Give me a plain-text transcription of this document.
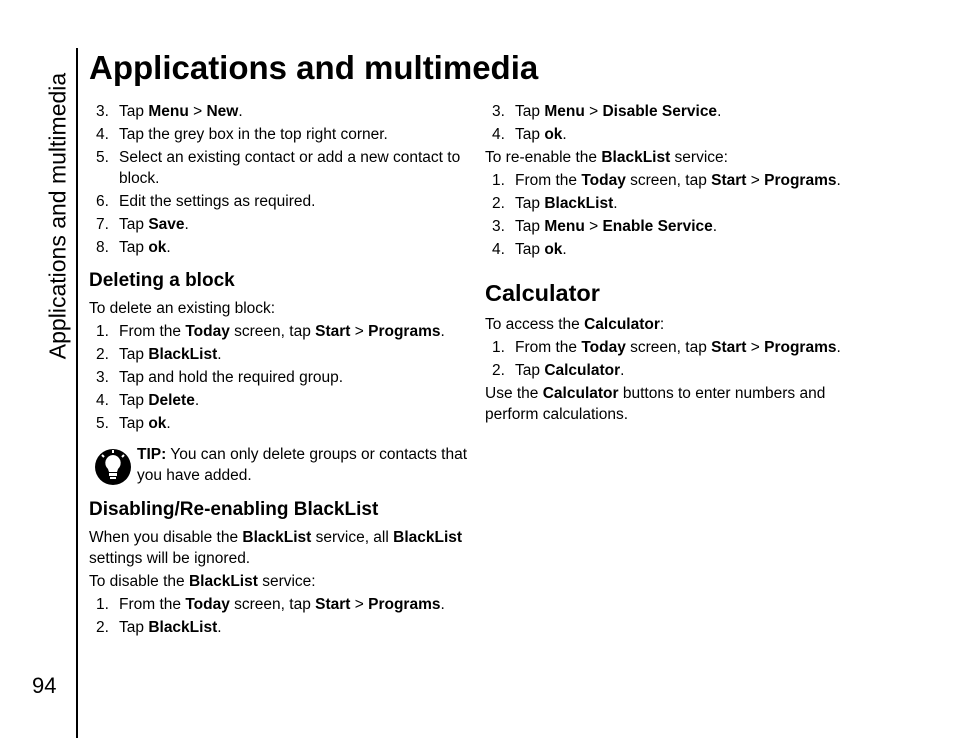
Applications and multimedia
94
Applications and multimedia
3. Tap Menu > New.
4. Tap the grey box in the top right corner.
5. Select an existing contact or add a new contact to block.
6. Edit the settings as required.
7. Tap Save.
8. Tap ok.
Deleting a block

To delete an existing block:

1. From the Today screen, tap Start > Programs.
2. Tap BlackList.
3. Tap and hold the required group.
4. Tap Delete.
5. Tap ok.

TIP: You can only delete groups or contacts that you have added.

Disabling/Re-enabling BlackList

When you disable the BlackList service, all BlackList settings will be ignored.

To disable the BlackList service:

1. From the Today screen, tap Start > Programs.
2. Tap BlackList.
3. Tap Menu > Disable Service.
4. Tap ok.

To re-enable the BlackList service:

1. From the Today screen, tap Start > Programs.
2. Tap BlackList.
3. Tap Menu > Enable Service.
4. Tap ok.
Calculator

To access the Calculator:

1. From the Today screen, tap Start > Programs.
2. Tap Calculator.

Use the Calculator buttons to enter numbers and perform calculations.
